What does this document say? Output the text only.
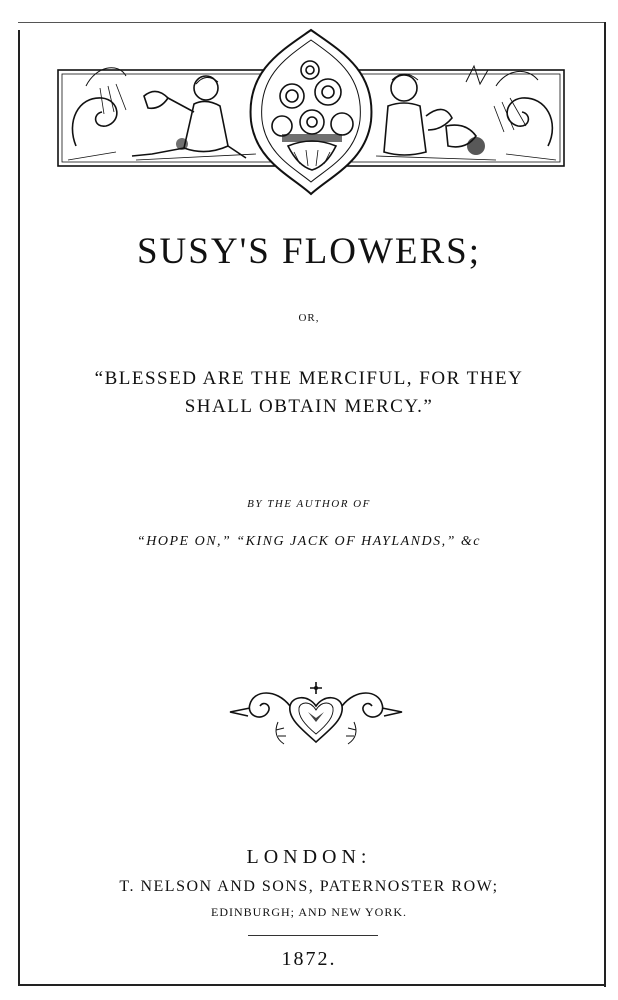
SUSY'S FLOWERS;
OR,
“BLESSED ARE THE MERCIFUL, FOR THEY
SHALL OBTAIN MERCY.”
BY THE AUTHOR OF
“HOPE ON,” “KING JACK OF HAYLANDS,” &c
LONDON:
T. NELSON AND SONS, PATERNOSTER ROW;
EDINBURGH; AND NEW YORK.
1872.
